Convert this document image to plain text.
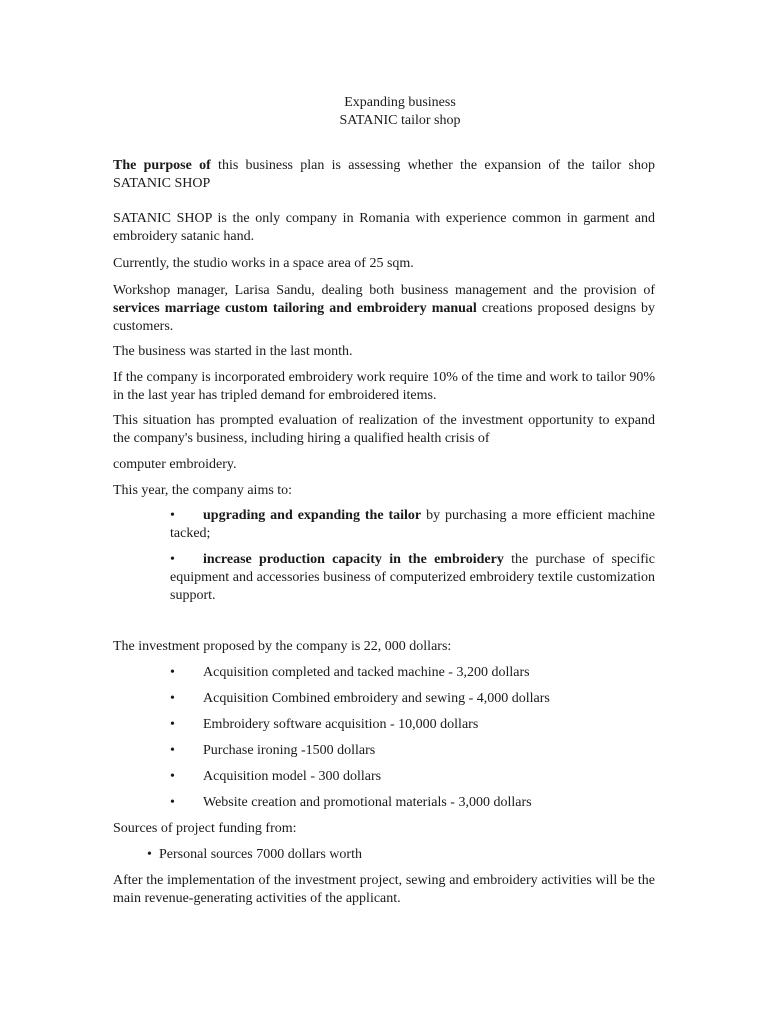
Expanding business
SATANIC tailor shop
The purpose of this business plan is assessing whether the expansion of the tailor shop SATANIC SHOP
SATANIC SHOP is the only company in Romania with experience common in garment and embroidery satanic hand.
Currently, the studio works in a space area of 25 sqm.
Workshop manager, Larisa Sandu, dealing both business management and the provision of services marriage custom tailoring and embroidery manual creations proposed designs by customers.
The business was started in the last month.
If the company is incorporated embroidery work require 10% of the time and work to tailor 90% in the last year has tripled demand for embroidered items.
This situation has prompted evaluation of realization of the investment opportunity to expand the company's business, including hiring a qualified health crisis of
computer embroidery.
This year, the company aims to:
•	upgrading and expanding the tailor by purchasing a more efficient machine tacked;
•	increase production capacity in the embroidery the purchase of specific equipment and accessories business of computerized embroidery textile customization support.
The investment proposed by the company is 22, 000 dollars:
•	Acquisition completed and tacked machine - 3,200 dollars
•	Acquisition Combined embroidery and sewing - 4,000 dollars
•	Embroidery software acquisition - 10,000 dollars
•	Purchase ironing -1500 dollars
•	Acquisition model - 300 dollars
•	Website creation and promotional materials - 3,000 dollars
Sources of project funding from:
• Personal sources 7000 dollars worth
After the implementation of the investment project, sewing and embroidery activities will be the main revenue-generating activities of the applicant.
